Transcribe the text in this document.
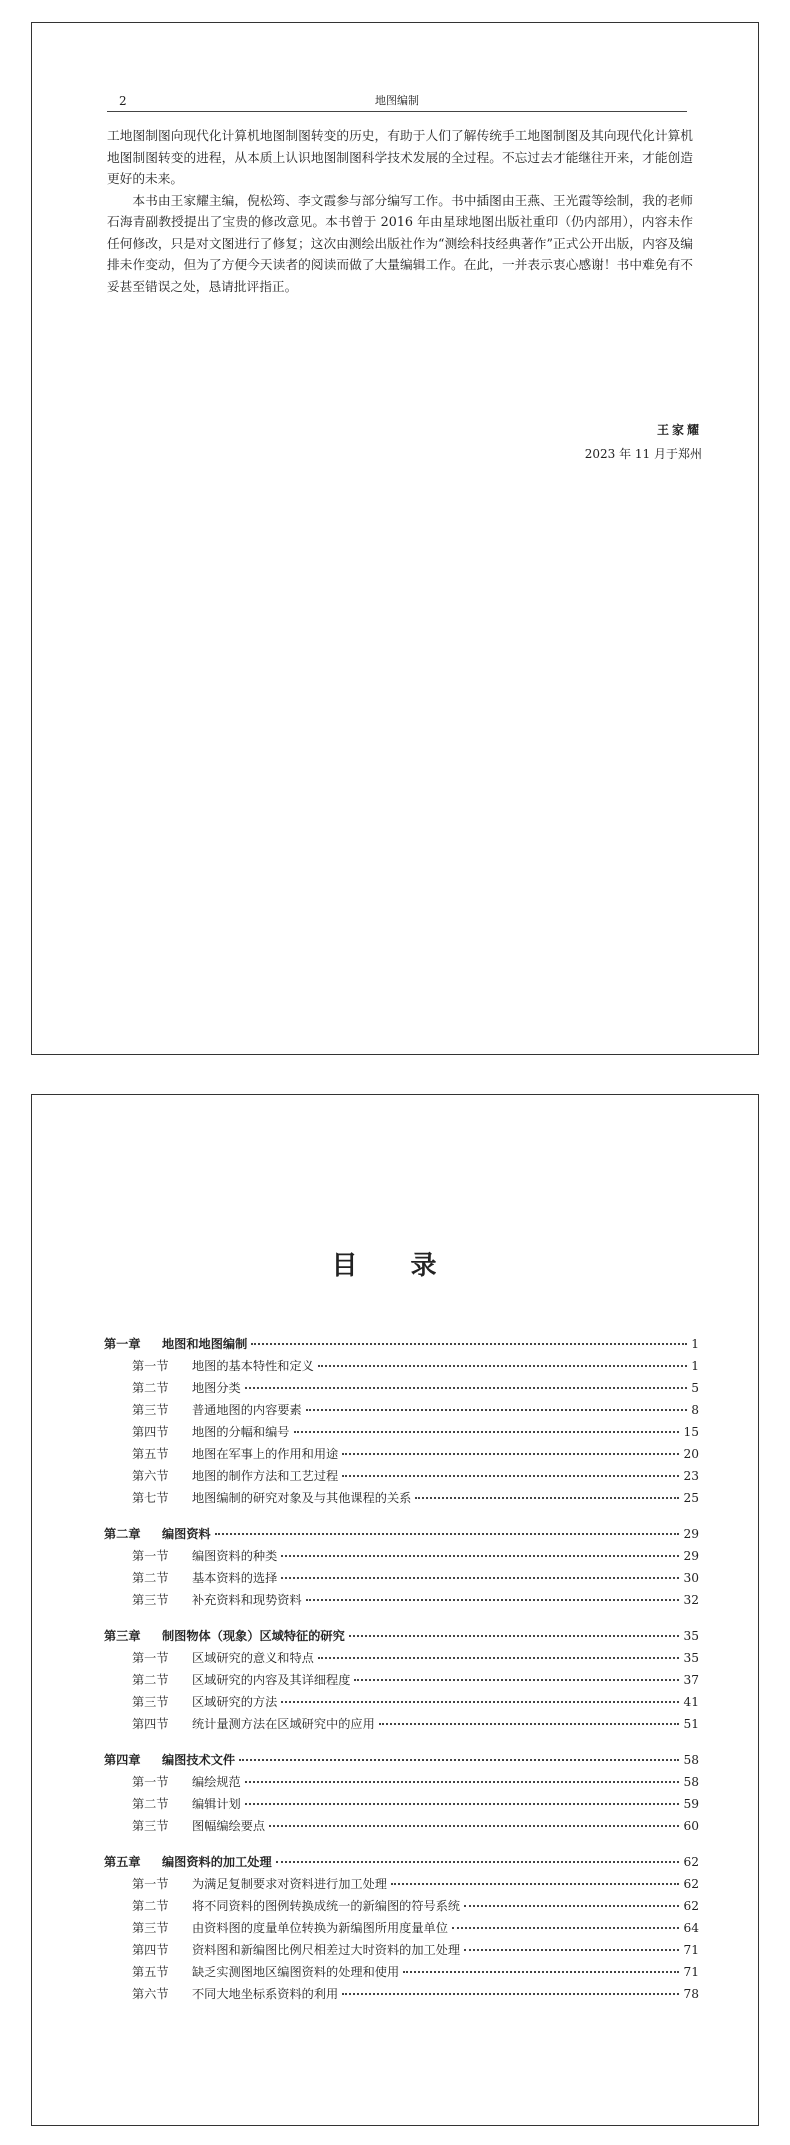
2	地图编制

工地图制图向现代化计算机地图制图转变的历史，有助于人们了解传统手工地图制图及其向现代化计算机地图制图转变的进程，从本质上认识地图制图科学技术发展的全过程。不忘过去才能继往开来，才能创造更好的未来。

本书由王家耀主编，倪松筠、李文霞参与部分编写工作。书中插图由王燕、王光霞等绘制，我的老师石海青副教授提出了宝贵的修改意见。本书曾于 2016 年由星球地图出版社重印（仍内部用），内容未作任何修改，只是对文图进行了修复；这次由测绘出版社作为“测绘科技经典著作”正式公开出版，内容及编排未作变动，但为了方便今天读者的阅读而做了大量编辑工作。在此，一并表示衷心感谢！书中难免有不妥甚至错误之处，恳请批评指正。

王家耀
2023 年 11 月于郑州
目 录
第一章 地图和地图编制	1
第一节 地图的基本特性和定义	1
第二节 地图分类	5
第三节 普通地图的内容要素	8
第四节 地图的分幅和编号	15
第五节 地图在军事上的作用和用途	20
第六节 地图的制作方法和工艺过程	23
第七节 地图编制的研究对象及与其他课程的关系	25
第二章 编图资料	29
第一节 编图资料的种类	29
第二节 基本资料的选择	30
第三节 补充资料和现势资料	32
第三章 制图物体（现象）区域特征的研究	35
第一节 区域研究的意义和特点	35
第二节 区域研究的内容及其详细程度	37
第三节 区域研究的方法	41
第四节 统计量测方法在区域研究中的应用	51
第四章 编图技术文件	58
第一节 编绘规范	58
第二节 编辑计划	59
第三节 图幅编绘要点	60
第五章 编图资料的加工处理	62
第一节 为满足复制要求对资料进行加工处理	62
第二节 将不同资料的图例转换成统一的新编图的符号系统	62
第三节 由资料图的度量单位转换为新编图所用度量单位	64
第四节 资料图和新编图比例尺相差过大时资料的加工处理	71
第五节 缺乏实测图地区编图资料的处理和使用	71
第六节 不同大地坐标系资料的利用	78
